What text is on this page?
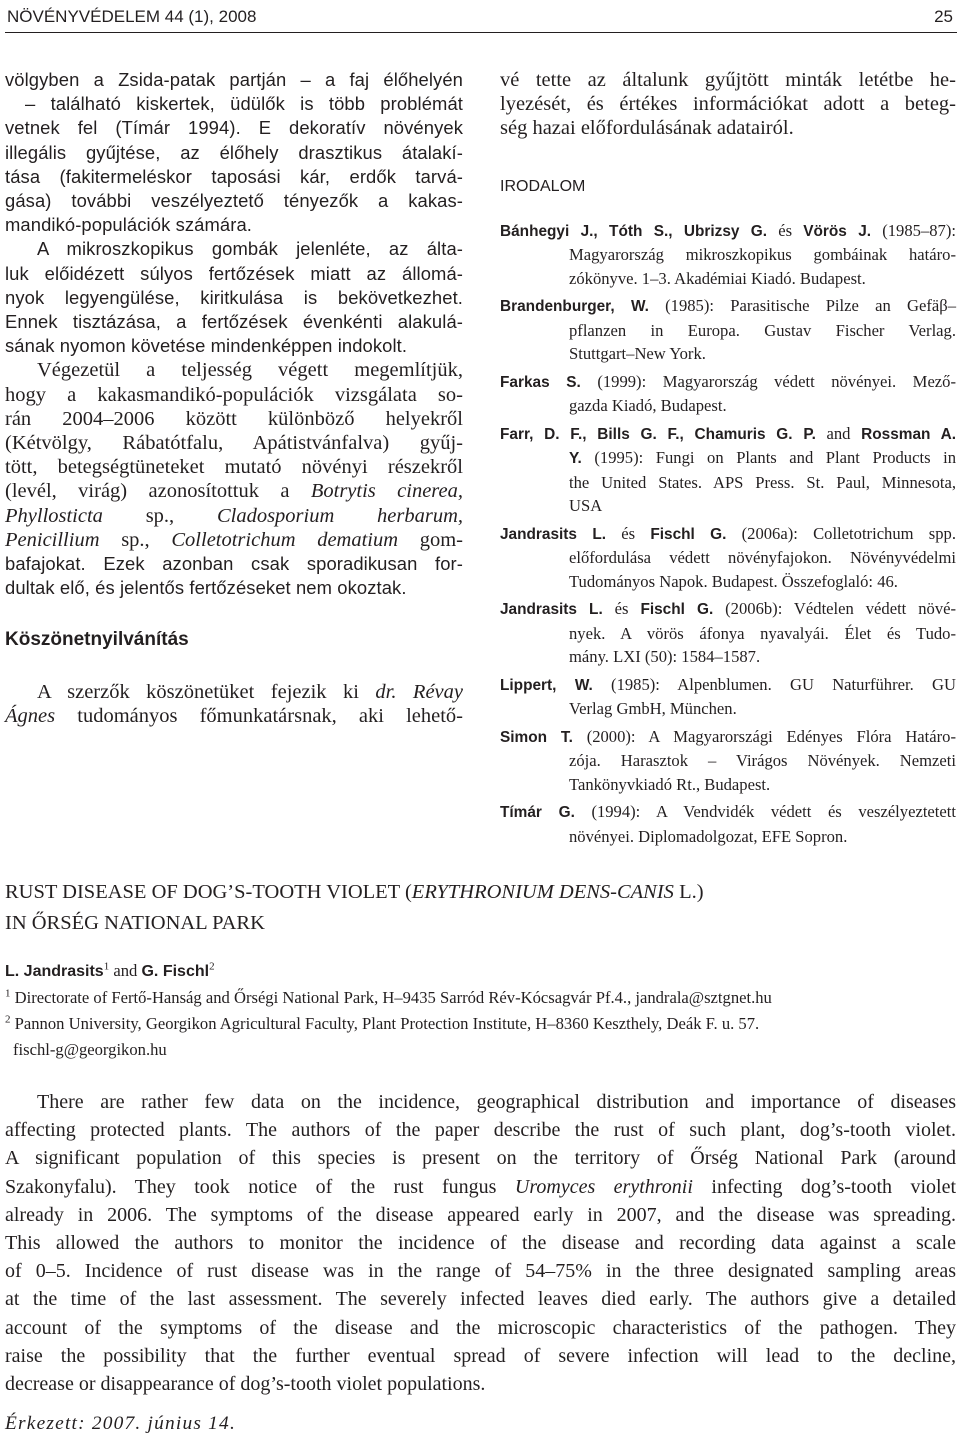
NÖVÉNYVÉDELEM 44 (1), 2008	25

völgyben a Zsida-patak partján – a faj élőhelyén

– található kiskertek, üdülők is több problémát

vetnek fel (Tímár 1994). E dekoratív növények

illegális gyűjtése, az élőhely drasztikus átalakí-

tása (fakitermeléskor taposási kár, erdők tarvá-

gása) további veszélyeztető tényezők a kakas-

mandikó-populációk számára.

A mikroszkopikus gombák jelenléte, az álta-

luk előidézett súlyos fertőzések miatt az állomá-

nyok legyengülése, kiritkulása is bekövetkezhet.

Ennek tisztázása, a fertőzések évenkénti alakulá-

sának nyomon követése mindenképpen indokolt.

Végezetül a teljesség végett megemlítjük,

hogy a kakasmandikó-populációk vizsgálata so-

rán 2004–2006 között különböző helyekről

(Kétvölgy, Rábatótfalu, Apátistvánfalva) gyűj-

tött, betegségtüneteket mutató növényi részekről

(levél, virág) azonosítottuk a Botrytis cinerea,

Phyllosticta sp., Cladosporium herbarum,

Penicillium sp., Colletotrichum dematium gom-

bafajokat. Ezek azonban csak sporadikusan for-

dultak elő, és jelentős fertőzéseket nem okoztak.

Köszönetnyilvánítás

A szerzők köszönetüket fejezik ki dr. Révay

Ágnes tudományos főmunkatársnak, aki lehető-

vé tette az általunk gyűjtött minták letétbe he-

lyezését, és értékes információkat adott a beteg-

ség hazai előfordulásának adatairól.

IRODALOM

Bánhegyi J., Tóth S., Ubrizsy G. és Vörös J. (1985–87):

Magyarország mikroszkopikus gombáinak határo-

zókönyve. 1–3. Akadémiai Kiadó. Budapest.

Brandenburger, W. (1985): Parasitische Pilze an Gefäβ–

pflanzen in Europa. Gustav Fischer Verlag.

Stuttgart–New York.

Farkas S. (1999): Magyarország védett növényei. Mező-

gazda Kiadó, Budapest.

Farr, D. F., Bills G. F., Chamuris G. P. and Rossman A.

Y. (1995): Fungi on Plants and Plant Products in

the United States. APS Press. St. Paul, Minnesota,

USA

Jandrasits L. és Fischl G. (2006a): Colletotrichum spp.

előfordulása védett növényfajokon. Növényvédelmi

Tudományos Napok. Budapest. Összefoglaló: 46.

Jandrasits L. és Fischl G. (2006b): Védtelen védett növé-

nyek. A vörös áfonya nyavalyái. Élet és Tudo-

mány. LXI (50): 1584–1587.

Lippert, W. (1985): Alpenblumen. GU Naturführer. GU

Verlag GmbH, München.

Simon T. (2000): A Magyarországi Edényes Flóra Határo-

zója. Harasztok – Virágos Növények. Nemzeti

Tankönyvkiadó Rt., Budapest.

Tímár G. (1994): A Vendvidék védett és veszélyeztetett

növényei. Diplomadolgozat, EFE Sopron.

RUST DISEASE OF DOG’S-TOOTH VIOLET (ERYTHRONIUM DENS-CANIS L.)

IN ŐRSÉG NATIONAL PARK

L. Jandrasits$^1$ and G. Fischl$^2$

$^1$ Directorate of Fertő-Hanság and Őrségi National Park, H–9435 Sarród Rév-Kócsagvár Pf.4., jandrala@sztgnet.hu

$^2$ Pannon University, Georgikon Agricultural Faculty, Plant Protection Institute, H–8360 Keszthely, Deák F. u. 57.

fischl-g@georgikon.hu

There are rather few data on the incidence, geographical distribution and importance of diseases

affecting protected plants. The authors of the paper describe the rust of such plant, dog’s-tooth violet.

A significant population of this species is present on the territory of Őrség National Park (around

Szakonyfalu). They took notice of the rust fungus Uromyces erythronii infecting dog’s-tooth violet

already in 2006. The symptoms of the disease appeared early in 2007, and the disease was spreading.

This allowed the authors to monitor the incidence of the disease and recording data against a scale

of 0–5. Incidence of rust disease was in the range of 54–75% in the three designated sampling areas

at the time of the last assessment. The severely infected leaves died early. The authors give a detailed

account of the symptoms of the disease and the microscopic characteristics of the pathogen. They

raise the possibility that the further eventual spread of severe infection will lead to the decline,

decrease or disappearance of dog’s-tooth violet populations.

Érkezett: 2007. június 14.
